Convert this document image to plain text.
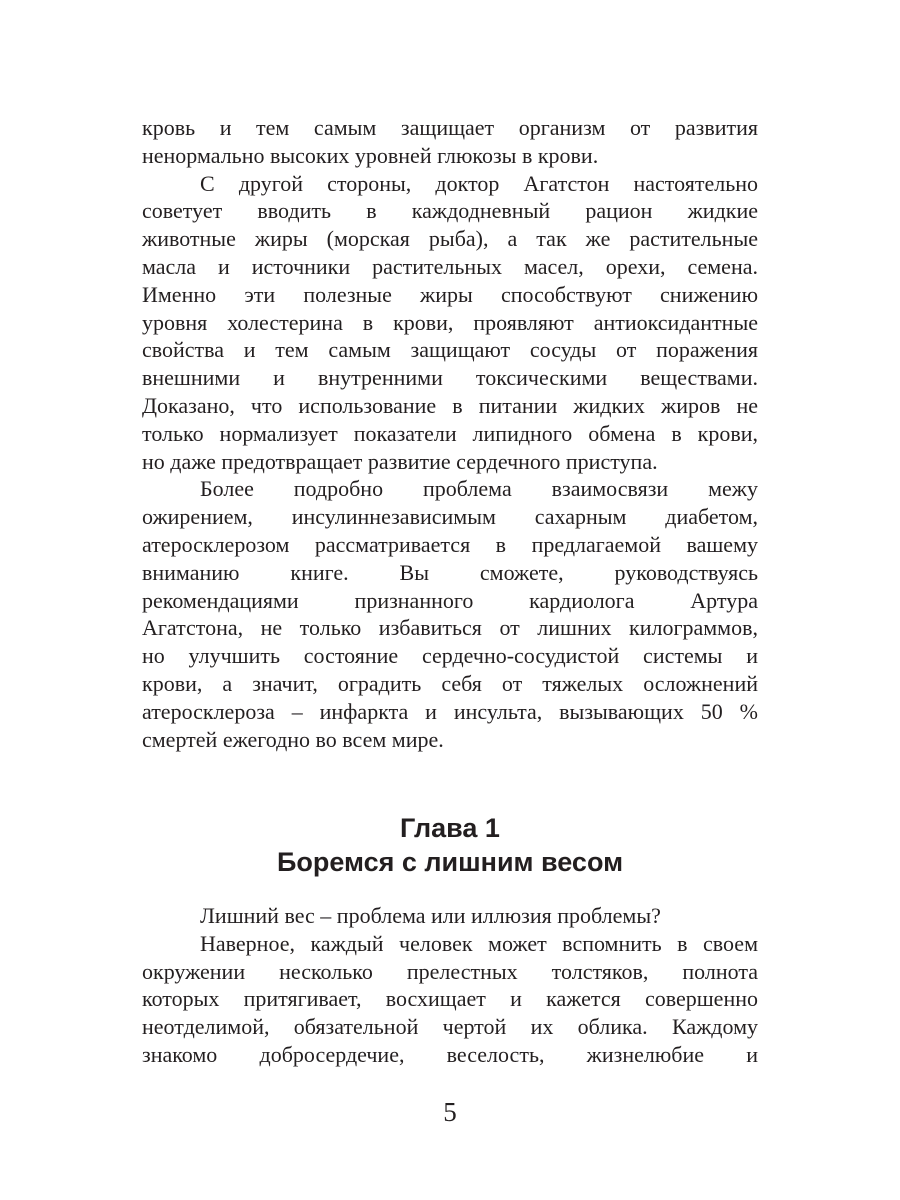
кровь и тем самым защищает организм от развития
ненормально высоких уровней глюкозы в крови.
С другой стороны, доктор Агатстон настоятельно
советует вводить в каждодневный рацион жидкие
животные жиры (морская рыба), а так же растительные
масла и источники растительных масел, орехи, семена.
Именно эти полезные жиры способствуют снижению
уровня холестерина в крови, проявляют антиоксидантные
свойства и тем самым защищают сосуды от поражения
внешними и внутренними токсическими веществами.
Доказано, что использование в питании жидких жиров не
только нормализует показатели липидного обмена в крови,
но даже предотвращает развитие сердечного приступа.
Более подробно проблема взаимосвязи межу
ожирением, инсулиннезависимым сахарным диабетом,
атеросклерозом рассматривается в предлагаемой вашему
вниманию книге. Вы сможете, руководствуясь
рекомендациями признанного кардиолога Артура
Агатстона, не только избавиться от лишних килограммов,
но улучшить состояние сердечно-сосудистой системы и
крови, а значит, оградить себя от тяжелых осложнений
атеросклероза – инфаркта и инсульта, вызывающих 50 %
смертей ежегодно во всем мире.
Глава 1
Боремся с лишним весом
Лишний вес – проблема или иллюзия проблемы?
Наверное, каждый человек может вспомнить в своем
окружении несколько прелестных толстяков, полнота
которых притягивает, восхищает и кажется совершенно
неотделимой, обязательной чертой их облика. Каждому
знакомо добросердечие, веселость, жизнелюбие и
5
